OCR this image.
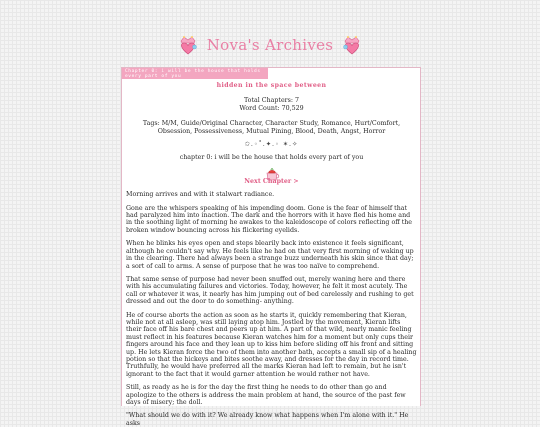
Nova's Archives
Chapter 0: i will be the house that holds every part of you
hidden in the space between
Total Chapters: 7
Word Count: 70,529
Tags: M/M, Guide/Original Character, Character Study, Romance, Hurt/Comfort, Obsession, Possessiveness, Mutual Pining, Blood, Death, Angst, Horror
✩.◦˚.✦.◦ ✶.✧
chapter 0: i will be the house that holds every part of you
Next Chapter >

Morning arrives and with it stalwart radiance.

Gone are the whispers speaking of his impending doom. Gone is the fear of himself that had paralyzed him into inaction. The dark and the horrors with it have fled his home and in the soothing light of morning he awakes to the kaleidoscope of colors reflecting off the broken window bouncing across his flickering eyelids.

When he blinks his eyes open and steps blearily back into existence it feels significant, although he couldn't say why. He feels like he had on that very first morning of waking up in the clearing. There had always been a strange buzz underneath his skin since that day; a sort of call to arms. A sense of purpose that he was too naïve to comprehend.

That same sense of purpose had never been snuffed out, merely waning here and there with his accumulating failures and victories. Today, however, he felt it most acutely. The call or whatever it was, it nearly has him jumping out of bed carelessly and rushing to get dressed and out the door to do something- anything.

He of course aborts the action as soon as he starts it, quickly remembering that Kieran, while not at all asleep, was still laying atop him. Jostled by the movement, Kieran lifts their face off his bare chest and peers up at him. A part of that wild, nearly manic feeling must reflect in his features because Kieran watches him for a moment but only cups their fingers around his face and they lean up to kiss him before sliding off his front and sitting up. He lets Kieran force the two of them into another bath, accepts a small sip of a healing potion so that the hickeys and bites soothe away, and dresses for the day in record time. Truthfully, he would have preferred all the marks Kieran had left to remain, but he isn't ignorant to the fact that it would garner attention he would rather not have.

Still, as ready as he is for the day the first thing he needs to do other than go and apologize to the others is address the main problem at hand, the source of the past few days of misery; the doll.

"What should we do with it? We already know what happens when I'm alone with it." He asks
